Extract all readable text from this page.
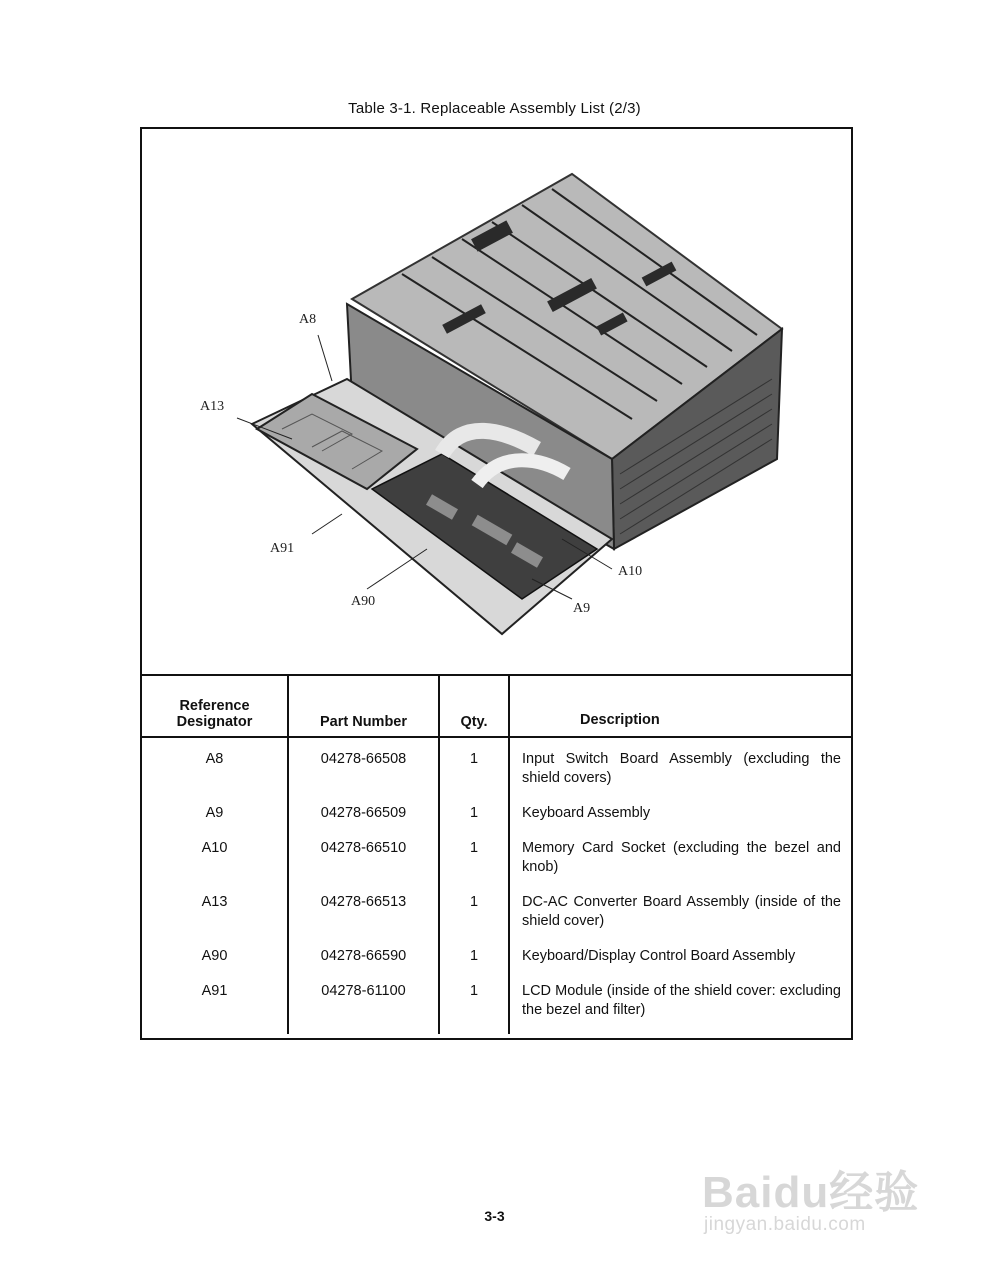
Table 3-1. Replaceable Assembly List (2/3)
A8
A13
A91
A90
A10
A9
Reference Designator	Part Number	Qty.	Description
A8	04278-66508	1	Input Switch Board Assembly (excluding the shield covers)
A9	04278-66509	1	Keyboard Assembly
A10	04278-66510	1	Memory Card Socket (excluding the bezel and knob)
A13	04278-66513	1	DC-AC Converter Board Assembly (inside of the shield cover)
A90	04278-66590	1	Keyboard/Display Control Board Assembly
A91	04278-61100	1	LCD Module (inside of the shield cover: excluding the bezel and filter)
3-3	Baidu经验
jingyan.baidu.com
